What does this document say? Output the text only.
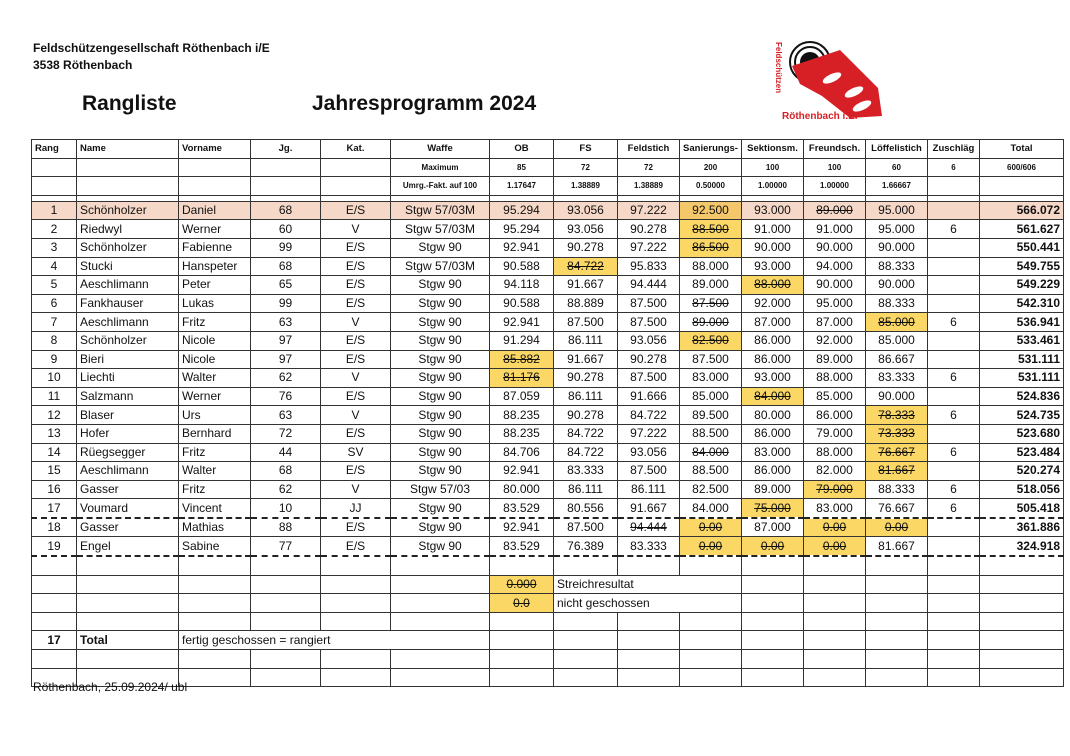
Feldschützengesellschaft Röthenbach i/E
3538 Röthenbach
Rangliste	Jahresprogramm 2024
Feldschützen
Röthenbach i.E.
Rang	Name	Vorname	Jg.	Kat.	Waffe	OB	FS	Feldstich	Sanierungs-	Sektionsm.	Freundsch.	Löffelistich	Zuschläg	Total
					Maximum	85	72	72	200	100	100	60	6	600/606
					Umrg.-Fakt. auf 100	1.17647	1.38889	1.38889	0.50000	1.00000	1.00000	1.66667		

1	Schönholzer	Daniel	68	E/S	Stgw 57/03M	95.294	93.056	97.222	92.500	93.000	89.000	95.000		566.072
2	Riedwyl	Werner	60	V	Stgw 57/03M	95.294	93.056	90.278	88.500	91.000	91.000	95.000	6	561.627
3	Schönholzer	Fabienne	99	E/S	Stgw 90	92.941	90.278	97.222	86.500	90.000	90.000	90.000		550.441
4	Stucki	Hanspeter	68	E/S	Stgw 57/03M	90.588	84.722	95.833	88.000	93.000	94.000	88.333		549.755
5	Aeschlimann	Peter	65	E/S	Stgw 90	94.118	91.667	94.444	89.000	88.000	90.000	90.000		549.229
6	Fankhauser	Lukas	99	E/S	Stgw 90	90.588	88.889	87.500	87.500	92.000	95.000	88.333		542.310
7	Aeschlimann	Fritz	63	V	Stgw 90	92.941	87.500	87.500	89.000	87.000	87.000	85.000	6	536.941
8	Schönholzer	Nicole	97	E/S	Stgw 90	91.294	86.111	93.056	82.500	86.000	92.000	85.000		533.461
9	Bieri	Nicole	97	E/S	Stgw 90	85.882	91.667	90.278	87.500	86.000	89.000	86.667		531.111
10	Liechti	Walter	62	V	Stgw 90	81.176	90.278	87.500	83.000	93.000	88.000	83.333	6	531.111
11	Salzmann	Werner	76	E/S	Stgw 90	87.059	86.111	91.666	85.000	84.000	85.000	90.000		524.836
12	Blaser	Urs	63	V	Stgw 90	88.235	90.278	84.722	89.500	80.000	86.000	78.333	6	524.735
13	Hofer	Bernhard	72	E/S	Stgw 90	88.235	84.722	97.222	88.500	86.000	79.000	73.333		523.680
14	Rüegsegger	Fritz	44	SV	Stgw 90	84.706	84.722	93.056	84.000	83.000	88.000	76.667	6	523.484
15	Aeschlimann	Walter	68	E/S	Stgw 90	92.941	83.333	87.500	88.500	86.000	82.000	81.667		520.274
16	Gasser	Fritz	62	V	Stgw 57/03	80.000	86.111	86.111	82.500	89.000	79.000	88.333	6	518.056
17	Voumard	Vincent	10	JJ	Stgw 90	83.529	80.556	91.667	84.000	75.000	83.000	76.667	6	505.418
18	Gasser	Mathias	88	E/S	Stgw 90	92.941	87.500	94.444	0.00	87.000	0.00	0.00		361.886
19	Engel	Sabine	77	E/S	Stgw 90	83.529	76.389	83.333	0.00	0.00	0.00	81.667		324.918

						0.000	Streichresultat							
						0.0	nicht geschossen							

17	Total	fertig geschossen = rangiert												

Röthenbach, 25.09.2024/ ubl
